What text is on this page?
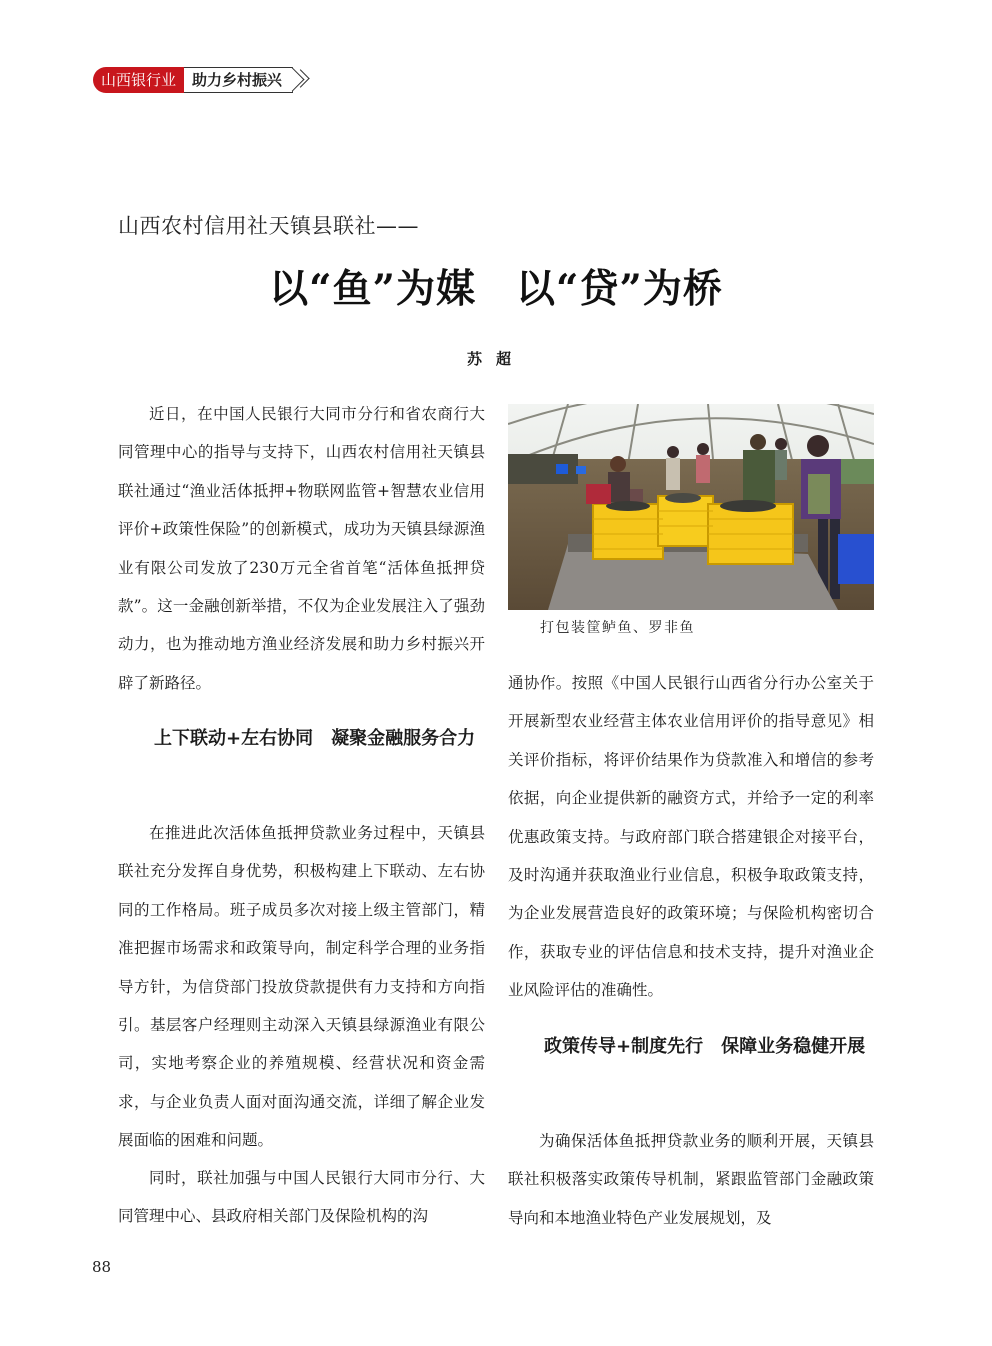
山西银行业	助力乡村振兴
山西农村信用社天镇县联社——
以“鱼”为媒　以“贷”为桥
苏超

近日，在中国人民银行大同市分行和省农商行大同管理中心的指导与支持下，山西农村信用社天镇县联社通过“渔业活体抵押+物联网监管+智慧农业信用评价+政策性保险”的创新模式，成功为天镇县绿源渔业有限公司发放了230万元全省首笔“活体鱼抵押贷款”。这一金融创新举措，不仅为企业发展注入了强劲动力，也为推动地方渔业经济发展和助力乡村振兴开辟了新路径。

上下联动+左右协同　凝聚金融服务合力

在推进此次活体鱼抵押贷款业务过程中，天镇县联社充分发挥自身优势，积极构建上下联动、左右协同的工作格局。班子成员多次对接上级主管部门，精准把握市场需求和政策导向，制定科学合理的业务指导方针，为信贷部门投放贷款提供有力支持和方向指引。基层客户经理则主动深入天镇县绿源渔业有限公司，实地考察企业的养殖规模、经营状况和资金需求，与企业负责人面对面沟通交流，详细了解企业发展面临的困难和问题。

同时，联社加强与中国人民银行大同市分行、大同管理中心、县政府相关部门及保险机构的沟

打包装筐鲈鱼、罗非鱼

通协作。按照《中国人民银行山西省分行办公室关于开展新型农业经营主体农业信用评价的指导意见》相关评价指标，将评价结果作为贷款准入和增信的参考依据，向企业提供新的融资方式，并给予一定的利率优惠政策支持。与政府部门联合搭建银企对接平台，及时沟通并获取渔业行业信息，积极争取政策支持，为企业发展营造良好的政策环境；与保险机构密切合作，获取专业的评估信息和技术支持，提升对渔业企业风险评估的准确性。

政策传导+制度先行　保障业务稳健开展

为确保活体鱼抵押贷款业务的顺利开展，天镇县联社积极落实政策传导机制，紧跟监管部门金融政策导向和本地渔业特色产业发展规划，及

88
